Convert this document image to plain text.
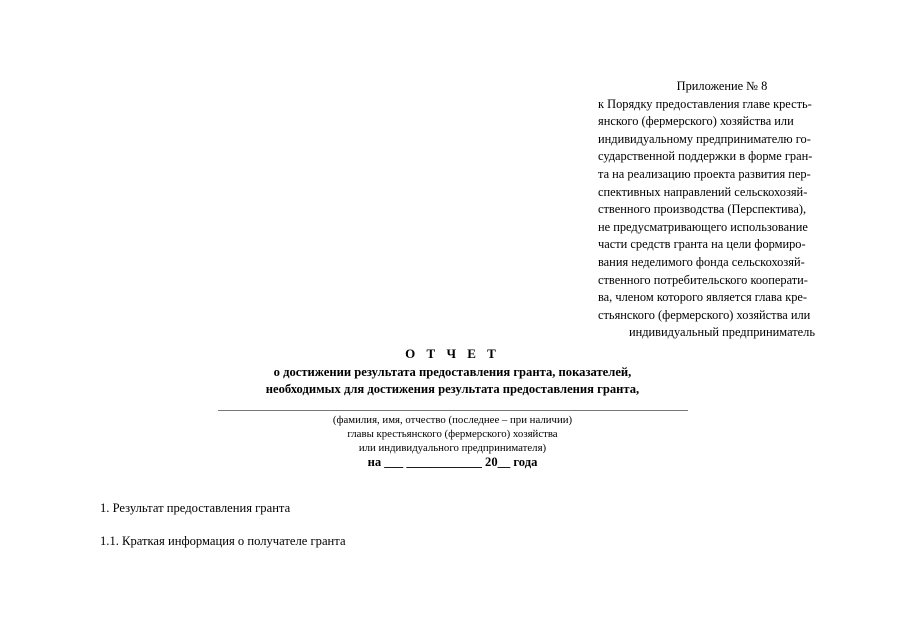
Приложение № 8
к Порядку предоставления главе кресть-
янского (фермерского) хозяйства или
индивидуальному предпринимателю го-
сударственной поддержки в форме гран-
та на реализацию проекта развития пер-
спективных направлений сельскохозяй-
ственного производства (Перспектива),
не предусматривающего использование
части средств гранта на цели формиро-
вания неделимого фонда сельскохозяй-
ственного потребительского кооперати-
ва, членом которого является глава кре-
стьянского (фермерского) хозяйства или
индивидуальный предприниматель
О Т Ч Е Т
о достижении результата предоставления гранта, показателей,
необходимых для достижения результата предоставления гранта,
(фамилия, имя, отчество (последнее – при наличии)
главы крестьянского (фермерского) хозяйства
или индивидуального предпринимателя)
на ___ ____________ 20__ года
1. Результат предоставления гранта
1.1. Краткая информация о получателе гранта
